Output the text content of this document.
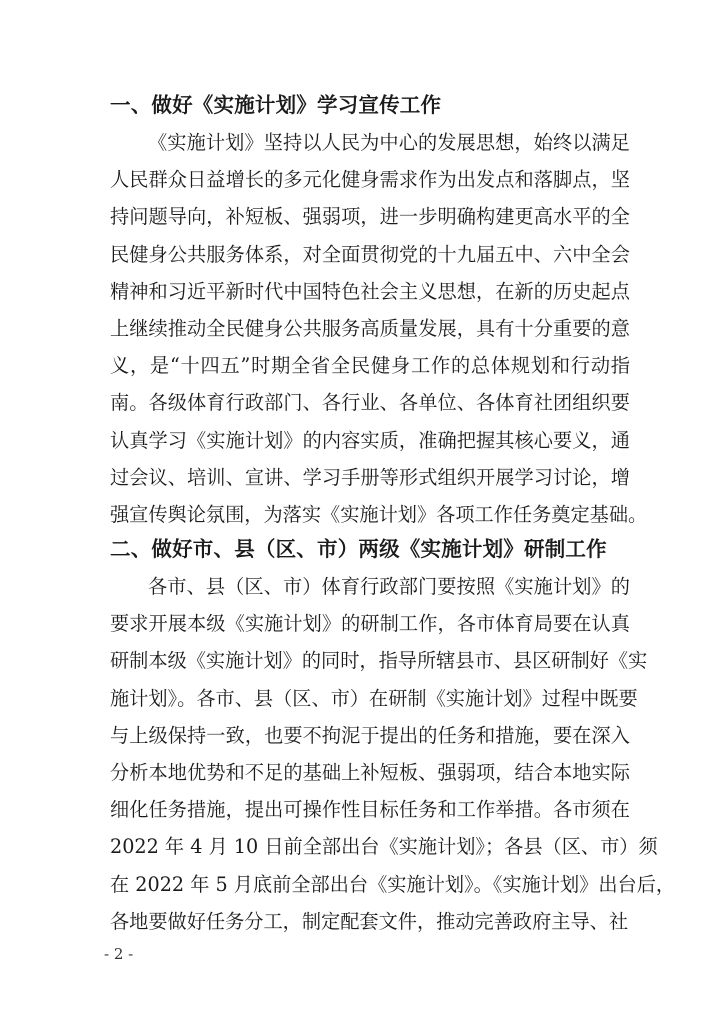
一、做好《实施计划》学习宣传工作
《实施计划》坚持以人民为中心的发展思想，始终以满足
人民群众日益增长的多元化健身需求作为出发点和落脚点，坚
持问题导向，补短板、强弱项，进一步明确构建更高水平的全
民健身公共服务体系，对全面贯彻党的十九届五中、六中全会
精神和习近平新时代中国特色社会主义思想，在新的历史起点
上继续推动全民健身公共服务高质量发展，具有十分重要的意
义，是“十四五”时期全省全民健身工作的总体规划和行动指
南。各级体育行政部门、各行业、各单位、各体育社团组织要
认真学习《实施计划》的内容实质，准确把握其核心要义，通
过会议、培训、宣讲、学习手册等形式组织开展学习讨论，增
强宣传舆论氛围，为落实《实施计划》各项工作任务奠定基础。
二、做好市、县（区、市）两级《实施计划》研制工作
各市、县（区、市）体育行政部门要按照《实施计划》的
要求开展本级《实施计划》的研制工作，各市体育局要在认真
研制本级《实施计划》的同时，指导所辖县市、县区研制好《实
施计划》。各市、县（区、市）在研制《实施计划》过程中既要
与上级保持一致，也要不拘泥于提出的任务和措施，要在深入
分析本地优势和不足的基础上补短板、强弱项，结合本地实际
细化任务措施，提出可操作性目标任务和工作举措。各市须在
2022 年 4 月 10 日前全部出台《实施计划》；各县（区、市）须
在 2022 年 5 月底前全部出台《实施计划》。《实施计划》出台后，
各地要做好任务分工，制定配套文件，推动完善政府主导、社
- 2 -
